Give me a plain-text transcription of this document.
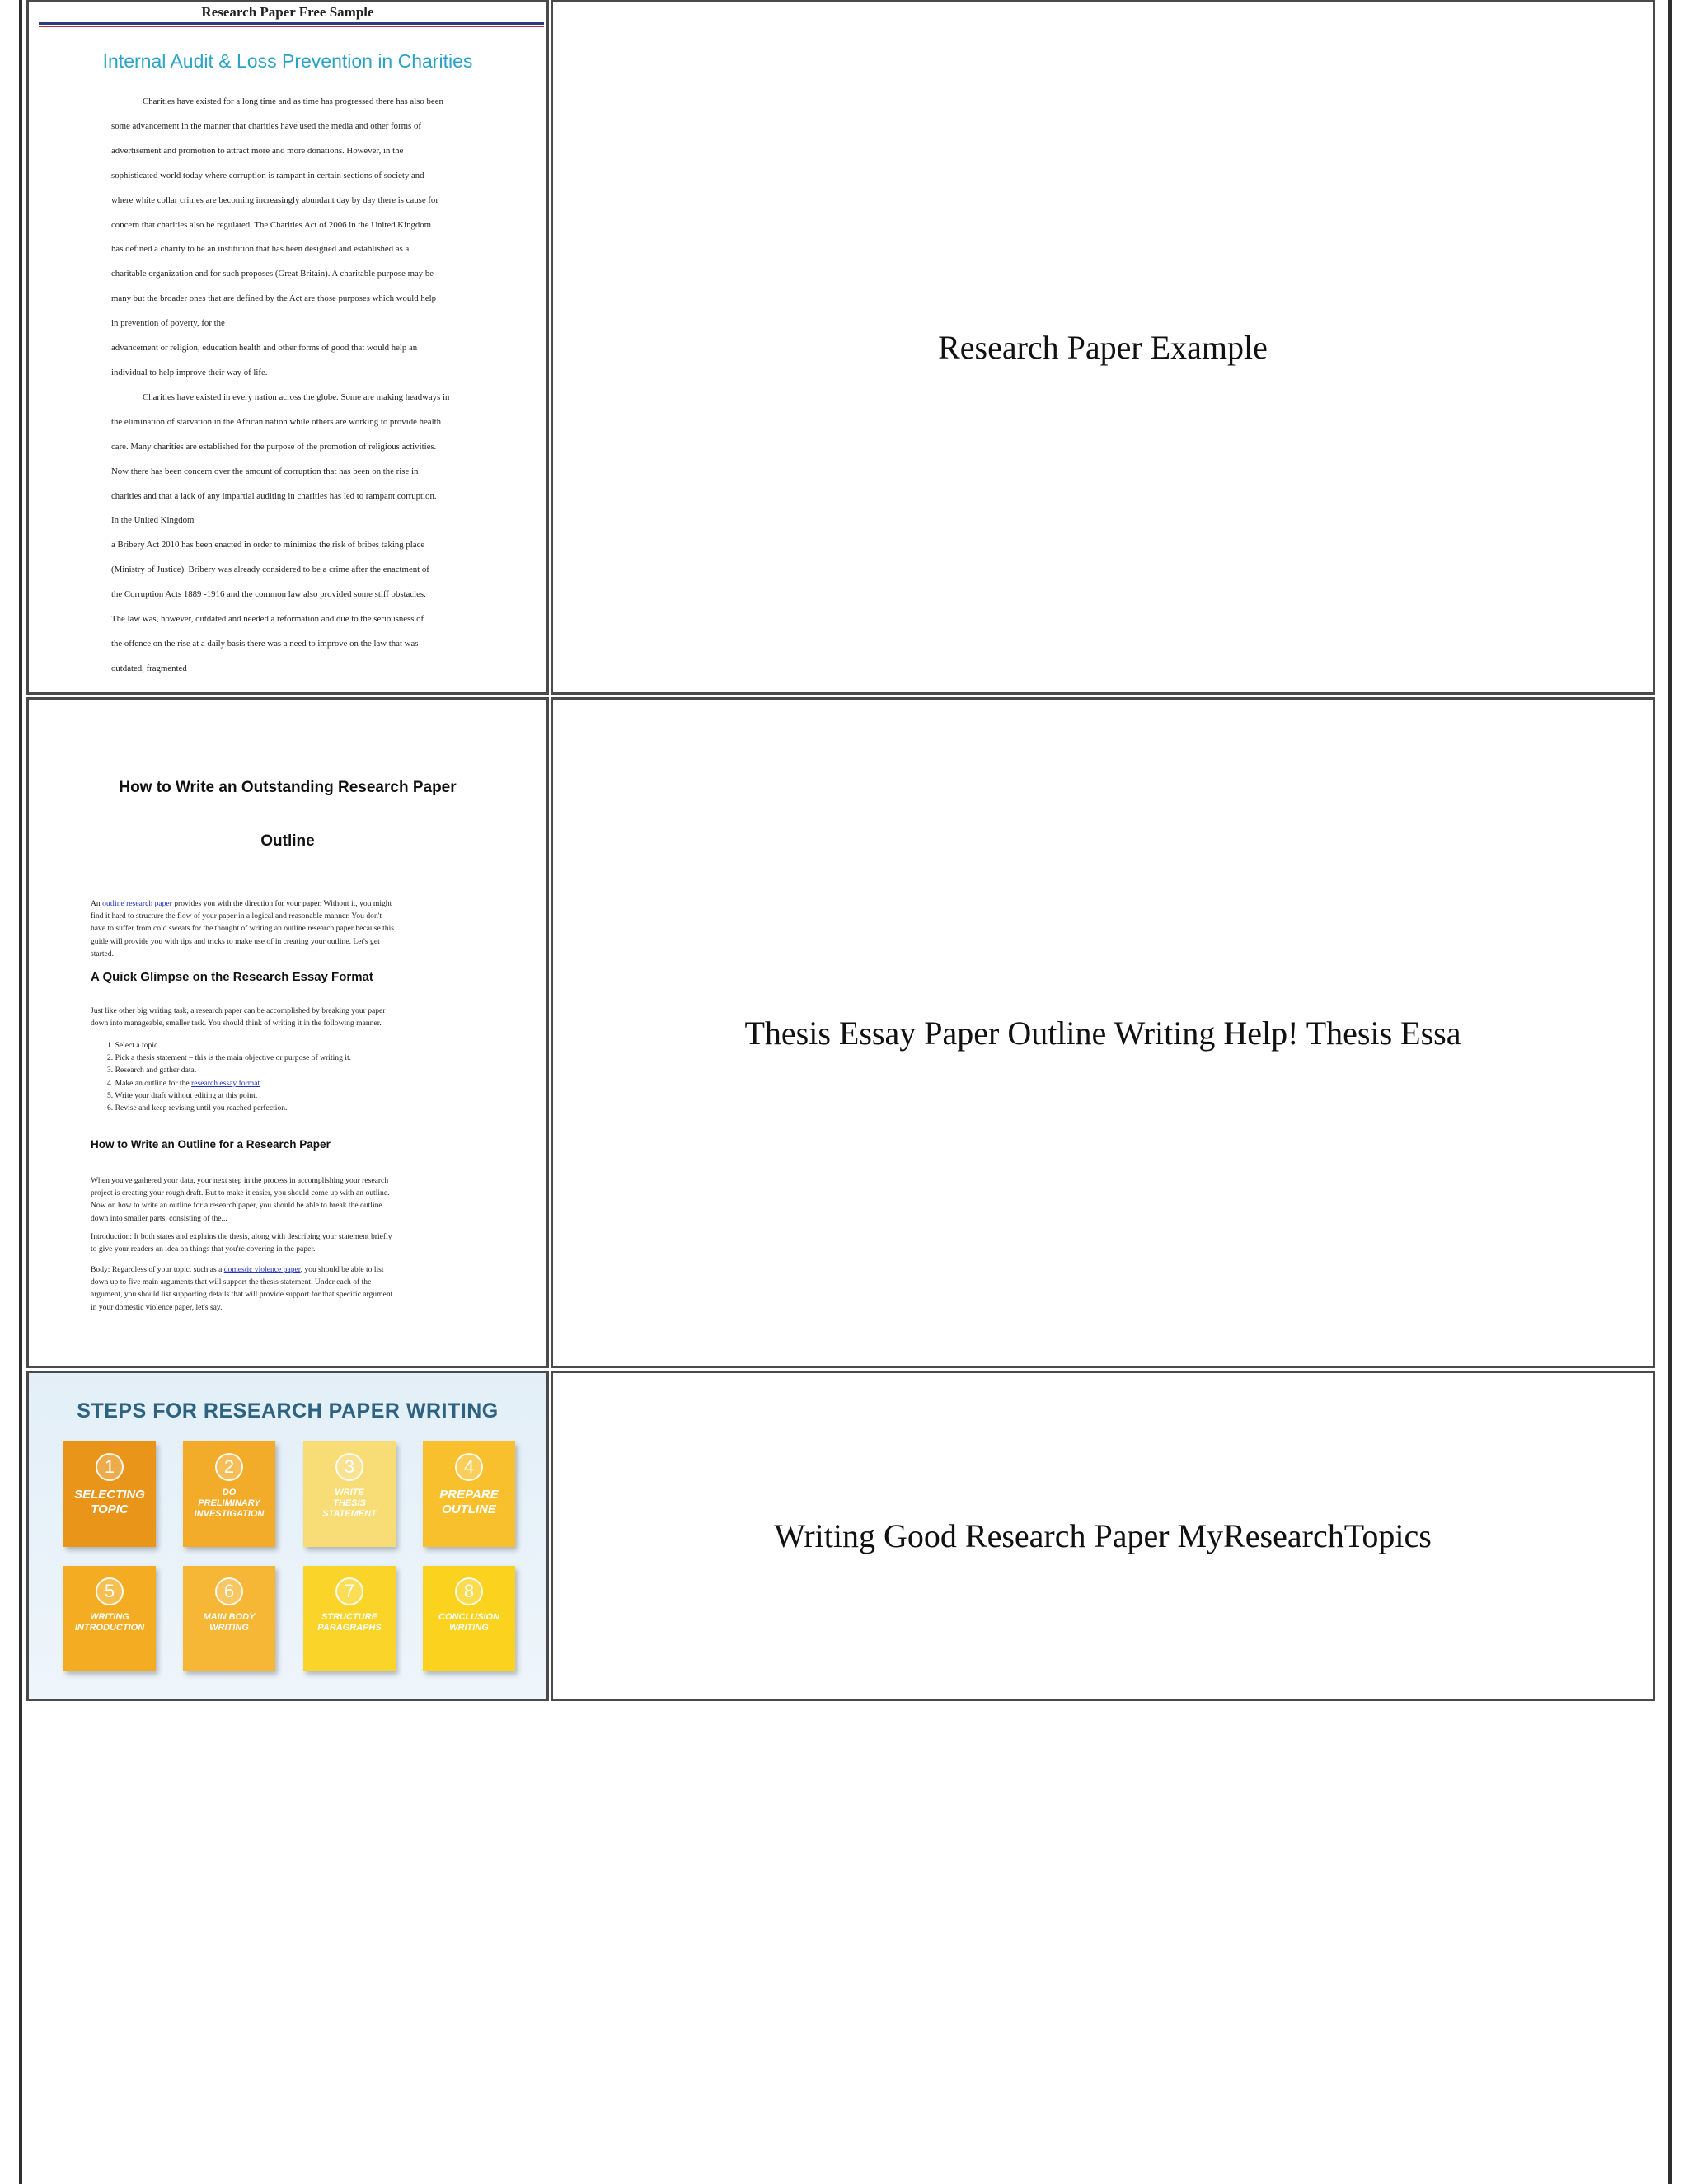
Research Paper Free Sample
Internal Audit & Loss Prevention in Charities
Charities have existed for a long time and as time has progressed there has also been
some advancement in the manner that charities have used the media and other forms of
advertisement and promotion to attract more and more donations. However, in the
sophisticated world today where corruption is rampant in certain sections of society and
where white collar crimes are becoming increasingly abundant day by day there is cause for
concern that charities also be regulated. The Charities Act of 2006 in the United Kingdom
has defined a charity to be an institution that has been designed and established as a
charitable organization and for such proposes (Great Britain). A charitable purpose may be
many but the broader ones that are defined by the Act are those purposes which would help
in prevention of poverty, for the
advancement or religion, education health and other forms of good that would help an
individual to help improve their way of life.
Charities have existed in every nation across the globe. Some are making headways in
the elimination of starvation in the African nation while others are working to provide health
care. Many charities are established for the purpose of the promotion of religious activities.
Now there has been concern over the amount of corruption that has been on the rise in
charities and that a lack of any impartial auditing in charities has led to rampant corruption.
In the United Kingdom
a Bribery Act 2010 has been enacted in order to minimize the risk of bribes taking place
(Ministry of Justice). Bribery was already considered to be a crime after the enactment of
the Corruption Acts 1889 -1916 and the common law also provided some stiff obstacles.
The law was, however, outdated and needed a reformation and due to the seriousness of
the offence on the rise at a daily basis there was a need to improve on the law that was
outdated, fragmented
Research Paper Example
How to Write an Outstanding Research Paper
Outline
An outline research paper provides you with the direction for your paper. Without it, you might
find it hard to structure the flow of your paper in a logical and reasonable manner. You don't
have to suffer from cold sweats for the thought of writing an outline research paper because this
guide will provide you with tips and tricks to make use of in creating your outline. Let's get
started.
A Quick Glimpse on the Research Essay Format
Just like other big writing task, a research paper can be accomplished by breaking your paper
down into manageable, smaller task. You should think of writing it in the following manner.
1. Select a topic.
2. Pick a thesis statement – this is the main objective or purpose of writing it.
3. Research and gather data.
4. Make an outline for the research essay format.
5. Write your draft without editing at this point.
6. Revise and keep revising until you reached perfection.
How to Write an Outline for a Research Paper
When you've gathered your data, your next step in the process in accomplishing your research
project is creating your rough draft. But to make it easier, you should come up with an outline.
Now on how to write an outline for a research paper, you should be able to break the outline
down into smaller parts, consisting of the...
Introduction: It both states and explains the thesis, along with describing your statement briefly
to give your readers an idea on things that you're covering in the paper.
Body: Regardless of your topic, such as a domestic violence paper, you should be able to list
down up to five main arguments that will support the thesis statement. Under each of the
argument, you should list supporting details that will provide support for that specific argument
in your domestic violence paper, let's say.
Thesis Essay Paper Outline Writing Help! Thesis Essa
STEPS FOR RESEARCH PAPER WRITING
1
SELECTING
TOPIC
2
DO
PRELIMINARY
INVESTIGATION
3
WRITE
THESIS
STATEMENT
4
PREPARE
OUTLINE
5
WRITING
INTRODUCTION
6
MAIN BODY
WRITING
7
STRUCTURE
PARAGRAPHS
8
CONCLUSION
WRITING
Writing Good Research Paper MyResearchTopics
